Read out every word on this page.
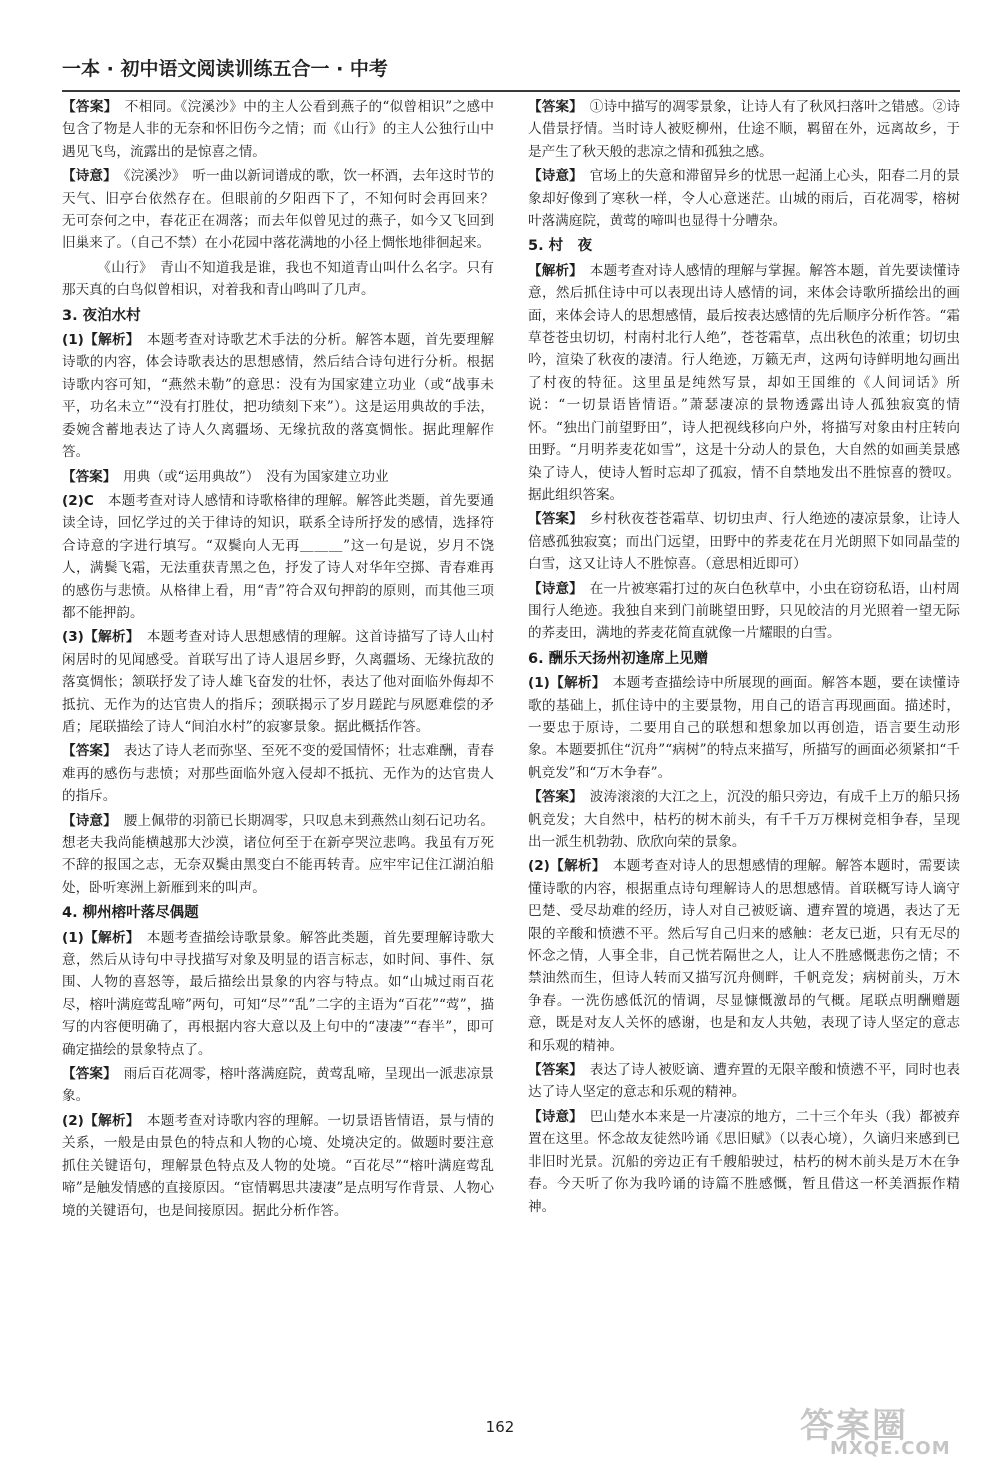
一本 · 初中语文阅读训练五合一 · 中考
【答案】　不相同。《浣溪沙》中的主人公看到燕子的“似曾相识”之感中包含了物是人非的无奈和怀旧伤今之情；而《山行》的主人公独行山中遇见飞鸟，流露出的是惊喜之情。
【诗意】　《浣溪沙》　听一曲以新词谱成的歌，饮一杯酒，去年这时节的天气、旧亭台依然存在。但眼前的夕阳西下了，不知何时会再回来？　无可奈何之中，春花正在凋落；而去年似曾见过的燕子，如今又飞回到旧巢来了。（自己不禁）在小花园中落花满地的小径上惆怅地徘徊起来。
《山行》　青山不知道我是谁，我也不知道青山叫什么名字。只有那天真的白鸟似曾相识，对着我和青山鸣叫了几声。
3. 夜泊水村
(1)【解析】　本题考查对诗歌艺术手法的分析。解答本题，首先要理解诗歌的内容，体会诗歌表达的思想感情，然后结合诗句进行分析。根据诗歌内容可知，“燕然未勒”的意思：没有为国家建立功业（或“战事未平，功名未立”“没有打胜仗，把功绩刻下来”）。这是运用典故的手法，委婉含蓄地表达了诗人久离疆场、无缘抗敌的落寞惆怅。据此理解作答。
【答案】　用典（或“运用典故”）　没有为国家建立功业
(2)C　本题考查对诗人感情和诗歌格律的理解。解答此类题，首先要通读全诗，回忆学过的关于律诗的知识，联系全诗所抒发的感情，选择符合诗意的字进行填写。“双鬓向人无再＿＿＿”这一句是说，岁月不饶人，满鬓飞霜，无法重获青黑之色，抒发了诗人对华年空掷、青春难再的感伤与悲愤。从格律上看，用“青”符合双句押韵的原则，而其他三项都不能押韵。
(3)【解析】　本题考查对诗人思想感情的理解。这首诗描写了诗人山村闲居时的见闻感受。首联写出了诗人退居乡野，久离疆场、无缘抗敌的落寞惆怅；颔联抒发了诗人雄飞奋发的壮怀，表达了他对面临外侮却不抵抗、无作为的达官贵人的指斥；颈联揭示了岁月蹉跎与夙愿难偿的矛盾；尾联描绘了诗人“间泊水村”的寂寥景象。据此概括作答。
【答案】　表达了诗人老而弥坚、至死不变的爱国情怀；壮志难酬，青春难再的感伤与悲愤；对那些面临外寇入侵却不抵抗、无作为的达官贵人的指斥。
【诗意】　腰上佩带的羽箭已长期凋零，只叹息未到燕然山刻石记功名。想老夫我尚能横越那大沙漠，诸位何至于在新亭哭泣悲鸣。我虽有万死不辞的报国之志，无奈双鬓由黑变白不能再转青。应牢牢记住江湖泊船处，卧听寒洲上新雁到来的叫声。
4. 柳州榕叶落尽偶题
(1)【解析】　本题考查描绘诗歌景象。解答此类题，首先要理解诗歌大意，然后从诗句中寻找描写对象及明显的语言标志，如时间、事件、氛围、人物的喜怒等，最后描绘出景象的内容与特点。如“山城过雨百花尽，榕叶满庭莺乱啼”两句，可知“尽”“乱”二字的主语为“百花”“莺”，描写的内容便明确了，再根据内容大意以及上句中的“凄凄”“春半”，即可确定描绘的景象特点了。
【答案】　雨后百花凋零，榕叶落满庭院，黄莺乱啼，呈现出一派悲凉景象。
(2)【解析】　本题考查对诗歌内容的理解。一切景语皆情语，景与情的关系，一般是由景色的特点和人物的心境、处境决定的。做题时要注意抓住关键语句，理解景色特点及人物的处境。“百花尽”“榕叶满庭莺乱啼”是触发情感的直接原因。“宦情羁思共凄凄”是点明写作背景、人物心境的关键语句，也是间接原因。据此分析作答。
【答案】　①诗中描写的凋零景象，让诗人有了秋风扫落叶之错感。②诗人借景抒情。当时诗人被贬柳州，仕途不顺，羁留在外，远离故乡，于是产生了秋天般的悲凉之情和孤独之感。
【诗意】　官场上的失意和滞留异乡的忧思一起涌上心头，阳春二月的景象却好像到了寒秋一样，令人心意迷茫。山城的雨后，百花凋零，榕树叶落满庭院，黄莺的啼叫也显得十分嘈杂。
5. 村　夜
【解析】　本题考查对诗人感情的理解与掌握。解答本题，首先要读懂诗意，然后抓住诗中可以表现出诗人感情的词，来体会诗歌所描绘出的画面，来体会诗人的思想感情，最后按表达感情的先后顺序分析作答。“霜草苍苍虫切切，村南村北行人绝”，苍苍霜草，点出秋色的浓重；切切虫吟，渲染了秋夜的凄清。行人绝迹，万籁无声，这两句诗鲜明地勾画出了村夜的特征。这里虽是纯然写景，却如王国维的《人间词话》所说：“一切景语皆情语。”萧瑟凄凉的景物透露出诗人孤独寂寞的情怀。“独出门前望野田”，诗人把视线移向户外，将描写对象由村庄转向田野。“月明荞麦花如雪”，这是十分动人的景色，大自然的如画美景感染了诗人，使诗人暂时忘却了孤寂，情不自禁地发出不胜惊喜的赞叹。据此组织答案。
【答案】　乡村秋夜苍苍霜草、切切虫声、行人绝迹的凄凉景象，让诗人倍感孤独寂寞；而出门远望，田野中的荞麦花在月光朗照下如同晶莹的白雪，这又让诗人不胜惊喜。（意思相近即可）
【诗意】　在一片被寒霜打过的灰白色秋草中，小虫在窃窃私语，山村周围行人绝迹。我独自来到门前眺望田野，只见皎洁的月光照着一望无际的荞麦田，满地的荞麦花简直就像一片耀眼的白雪。
6. 酬乐天扬州初逢席上见赠
(1)【解析】　本题考查描绘诗中所展现的画面。解答本题，要在读懂诗歌的基础上，抓住诗中的主要景物，用自己的语言再现画面。描述时，一要忠于原诗，二要用自己的联想和想象加以再创造，语言要生动形象。本题要抓住“沉舟”“病树”的特点来描写，所描写的画面必须紧扣“千帆竞发”和“万木争春”。
【答案】　波涛滚滚的大江之上，沉没的船只旁边，有成千上万的船只扬帆竞发；大自然中，枯朽的树木前头，有千千万万棵树竞相争春，呈现出一派生机勃勃、欣欣向荣的景象。
(2)【解析】　本题考查对诗人的思想感情的理解。解答本题时，需要读懂诗歌的内容，根据重点诗句理解诗人的思想感情。首联概写诗人谪守巴楚、受尽劫难的经历，诗人对自己被贬谪、遭弃置的境遇，表达了无限的辛酸和愤懑不平。然后写自己归来的感触：老友已逝，只有无尽的怀念之情，人事全非，自己恍若隔世之人，让人不胜感慨悲伤之情；不禁油然而生，但诗人转而又描写沉舟侧畔，千帆竞发；病树前头，万木争春。一洗伤感低沉的情调，尽显慷慨激昂的气概。尾联点明酬赠题意，既是对友人关怀的感谢，也是和友人共勉，表现了诗人坚定的意志和乐观的精神。
【答案】　表达了诗人被贬谪、遭弃置的无限辛酸和愤懑不平，同时也表达了诗人坚定的意志和乐观的精神。
【诗意】　巴山楚水本来是一片凄凉的地方，二十三个年头（我）都被弃置在这里。怀念故友徒然吟诵《思旧赋》（以表心境），久谪归来感到已非旧时光景。沉船的旁边正有千艘船驶过，枯朽的树木前头是万木在争春。今天听了你为我吟诵的诗篇不胜感慨，暂且借这一杯美酒振作精神。
162	答案圈
MXQE.COM
